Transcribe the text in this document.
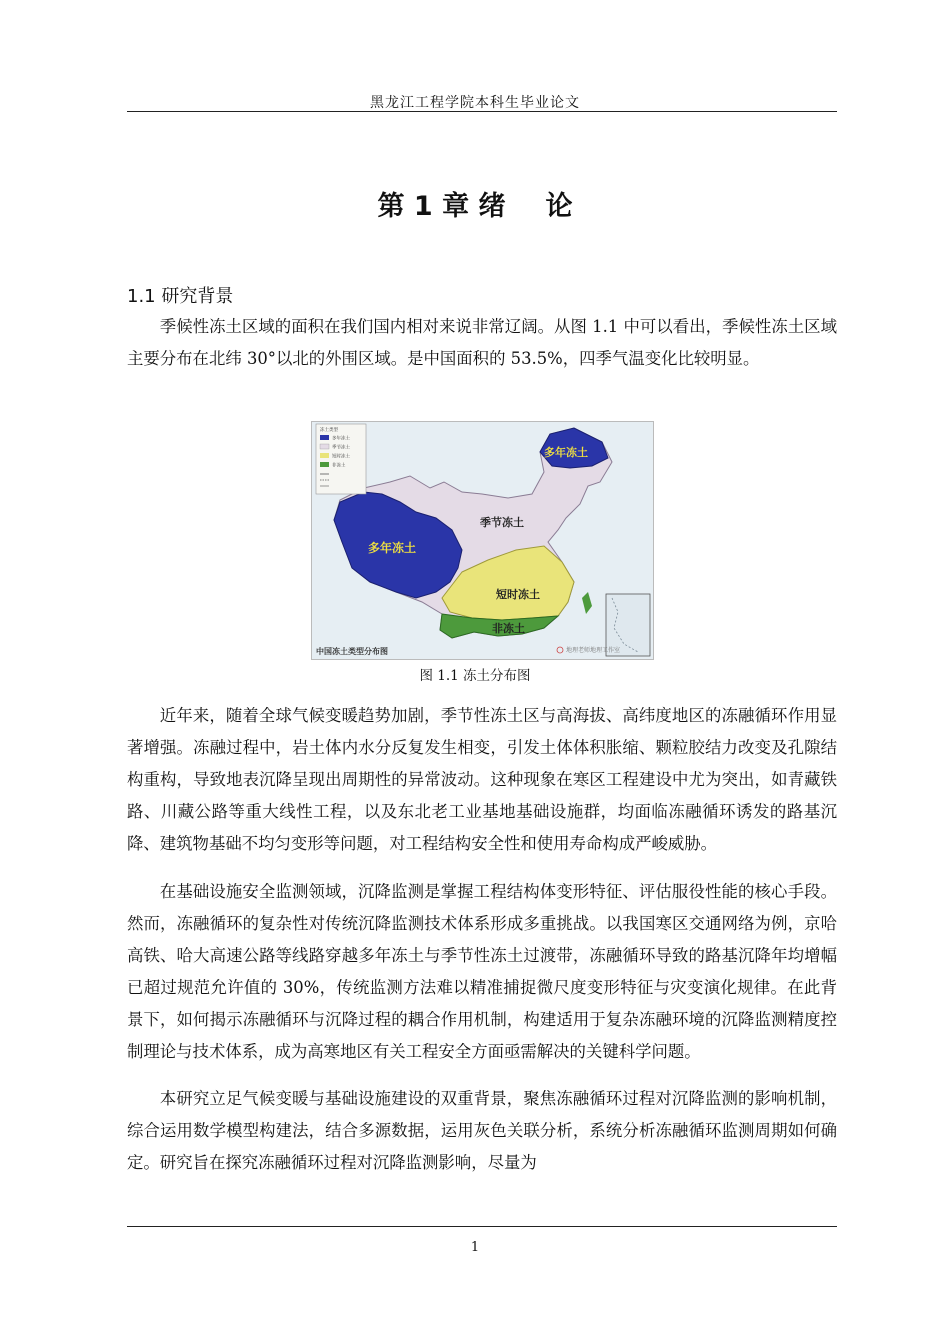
黑龙江工程学院本科生毕业论文
第 1 章 绪 论
1.1 研究背景

季候性冻土区域的面积在我们国内相对来说非常辽阔。从图 1.1 中可以看出，季候性冻土区域主要分布在北纬 30°以北的外围区域。是中国面积的 53.5%，四季气温变化比较明显。

冻土类型
多年冻土
季节冻土
短时冻土
非冻土
多年冻土
多年冻土
季节冻土
短时冻土
非冻土
中国冻土类型分布图	地理老师地理工作室
图 1.1 冻土分布图

近年来，随着全球气候变暖趋势加剧，季节性冻土区与高海拔、高纬度地区的冻融循环作用显著增强。冻融过程中，岩土体内水分反复发生相变，引发土体体积胀缩、颗粒胶结力改变及孔隙结构重构，导致地表沉降呈现出周期性的异常波动。这种现象在寒区工程建设中尤为突出，如青藏铁路、川藏公路等重大线性工程，以及东北老工业基地基础设施群，均面临冻融循环诱发的路基沉降、建筑物基础不均匀变形等问题，对工程结构安全性和使用寿命构成严峻威胁。

在基础设施安全监测领域，沉降监测是掌握工程结构体变形特征、评估服役性能的核心手段。然而，冻融循环的复杂性对传统沉降监测技术体系形成多重挑战。以我国寒区交通网络为例，京哈高铁、哈大高速公路等线路穿越多年冻土与季节性冻土过渡带，冻融循环导致的路基沉降年均增幅已超过规范允许值的 30%，传统监测方法难以精准捕捉微尺度变形特征与灾变演化规律。在此背景下，如何揭示冻融循环与沉降过程的耦合作用机制，构建适用于复杂冻融环境的沉降监测精度控制理论与技术体系，成为高寒地区有关工程安全方面亟需解决的关键科学问题。

本研究立足气候变暖与基础设施建设的双重背景，聚焦冻融循环过程对沉降监测的影响机制，综合运用数学模型构建法，结合多源数据，运用灰色关联分析，系统分析冻融循环监测周期如何确定。研究旨在探究冻融循环过程对沉降监测影响，尽量为

1
